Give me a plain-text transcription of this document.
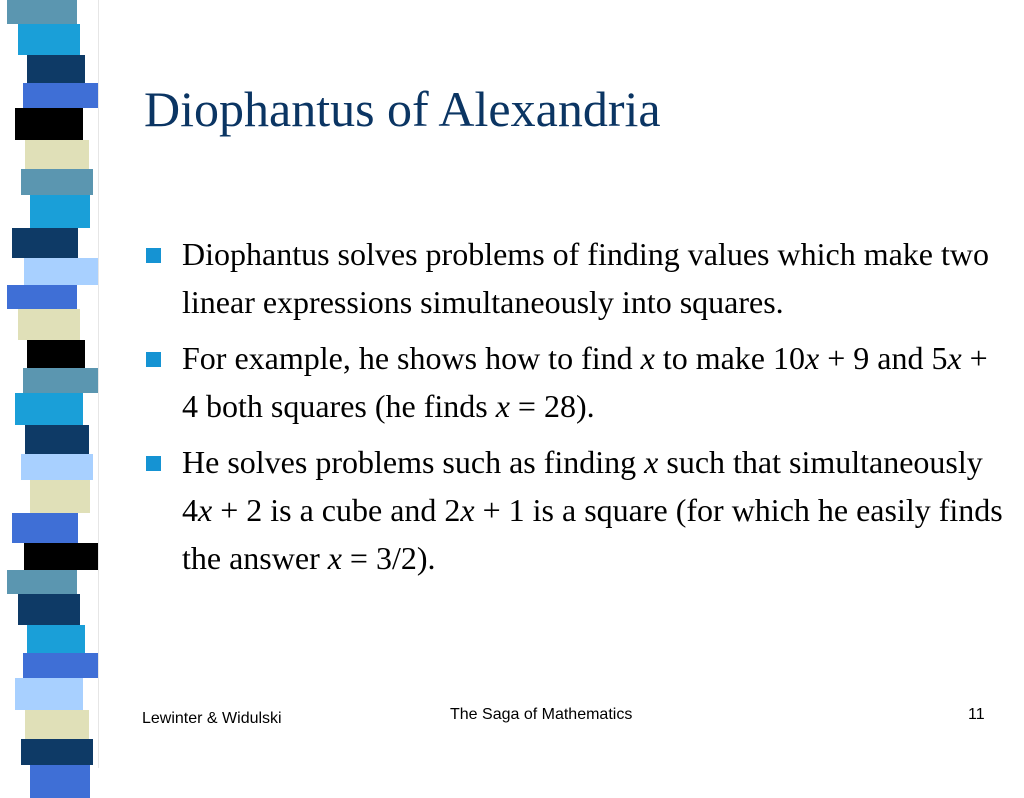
Diophantus of Alexandria
Diophantus solves problems of finding values which make two linear expressions simultaneously into squares.
For example, he shows how to find x to make 10x + 9 and 5x + 4 both squares (he finds x = 28).
He solves problems such as finding x such that simultaneously 4x + 2 is a cube and 2x + 1 is a square (for which he easily finds the answer x = 3/2).
Lewinter & Widulski	The Saga of Mathematics	11
